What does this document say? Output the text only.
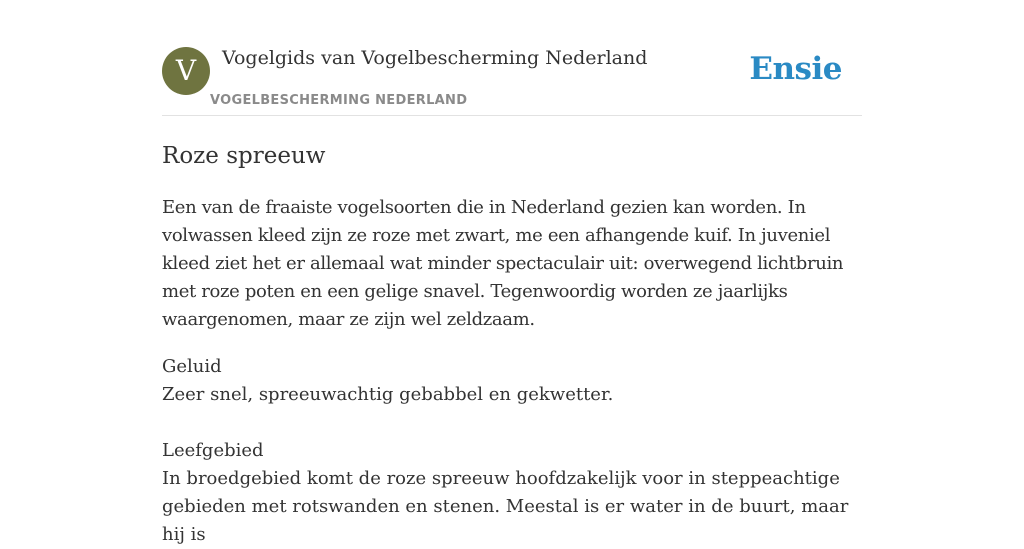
V	Vogelgids van Vogelbescherming Nederland
VOGELBESCHERMING NEDERLAND
Ensie
Roze spreeuw

Een van de fraaiste vogelsoorten die in Nederland gezien kan worden. In volwassen kleed zijn ze roze met zwart, me een afhangende kuif. In juveniel kleed ziet het er allemaal wat minder spectaculair uit: overwegend lichtbruin met roze poten en een gelige snavel. Tegenwoordig worden ze jaarlijks waargenomen, maar ze zijn wel zeldzaam.

Geluid

Zeer snel, spreeuwachtig gebabbel en gekwetter.

Leefgebied

In broedgebied komt de roze spreeuw hoofdzakelijk voor in steppeachtige gebieden met rotswanden en stenen. Meestal is er water in de buurt, maar hij is
